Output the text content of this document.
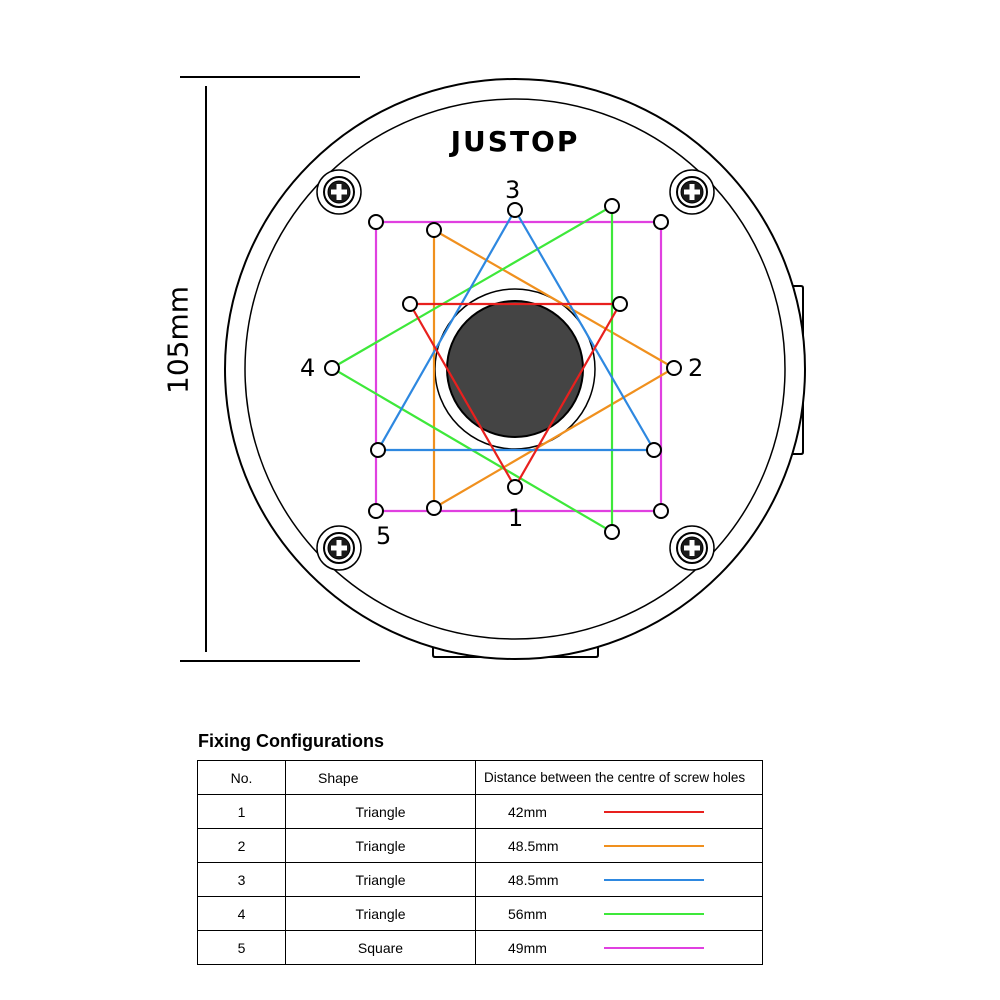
105mm
JUSTOP
1
2
3
4
5
Fixing Configurations
No.	Shape	Distance between the centre of screw holes
1	Triangle	42mm

2	Triangle	48.5mm

3	Triangle	48.5mm

4	Triangle	56mm

5	Square	49mm
